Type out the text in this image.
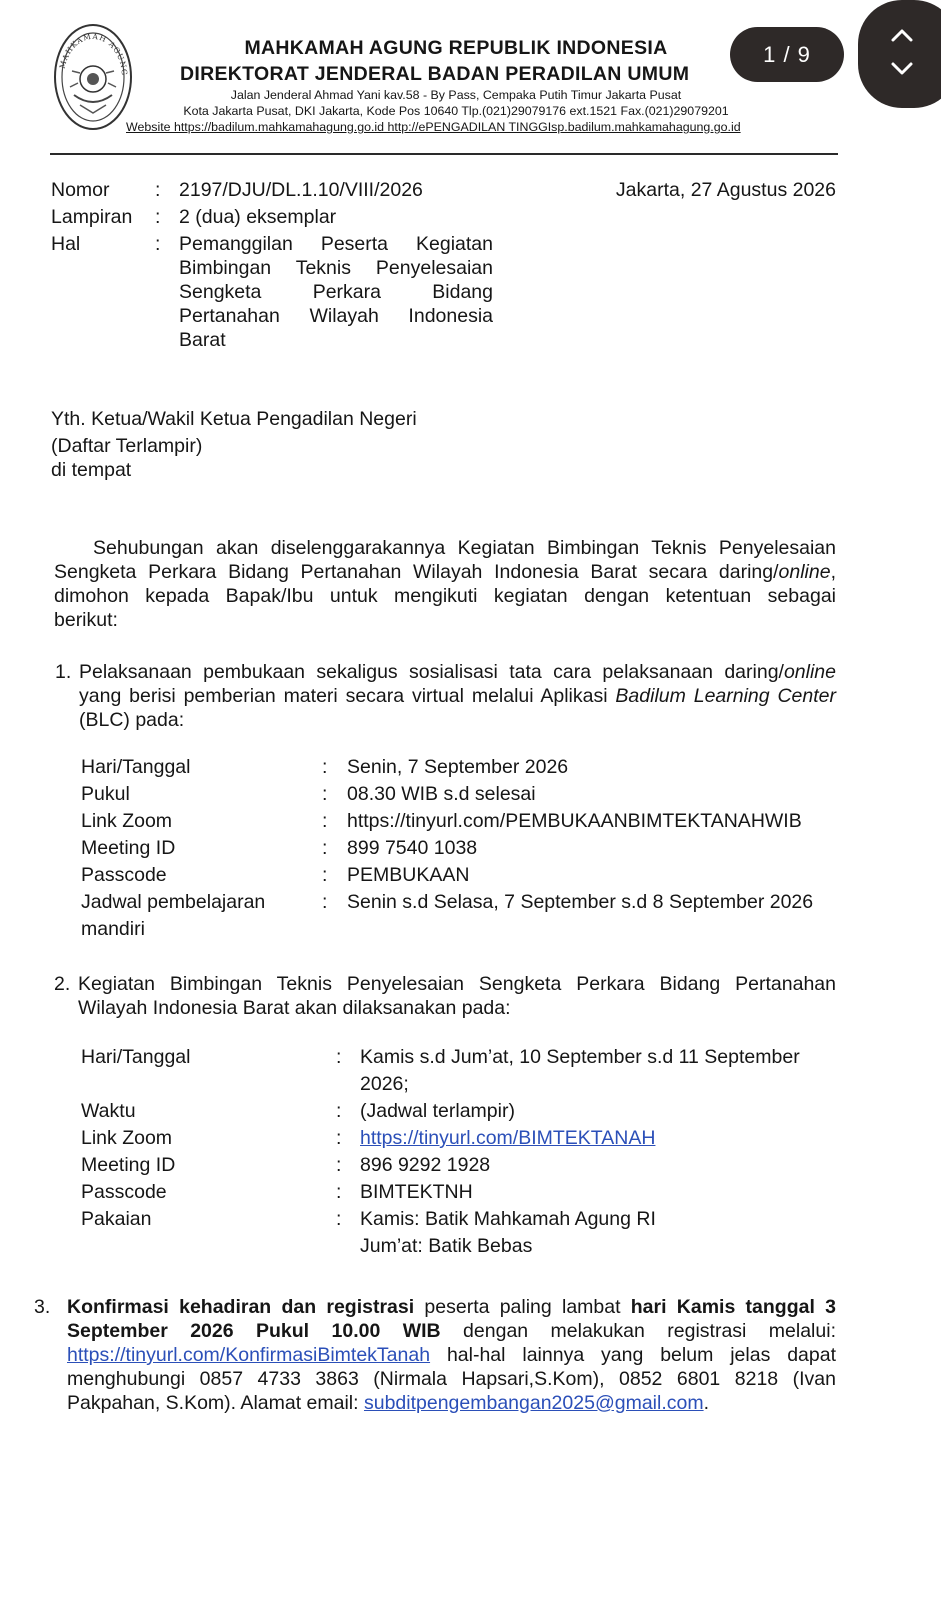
1 / 9
MAHKAMAH AGUNG
MAHKAMAH AGUNG REPUBLIK INDONESIA
DIREKTORAT JENDERAL BADAN PERADILAN UMUM
Jalan Jenderal Ahmad Yani kav.58 - By Pass, Cempaka Putih Timur Jakarta Pusat
Kota Jakarta Pusat, DKI Jakarta, Kode Pos 10640 Tlp.(021)29079176 ext.1521 Fax.(021)29079201
Website https://badilum.mahkamahagung.go.id http://ePENGADILAN TINGGIsp.badilum.mahkamahagung.go.id
Nomor : 2197/DJU/DL.1.10/VIII/2026	Jakarta, 27 Agustus 2026
Lampiran : 2 (dua) eksemplar
Hal	: Pemanggilan Peserta Kegiatan
Bimbingan Teknis Penyelesaian
Sengketa Perkara Bidang
Pertanahan Wilayah Indonesia
Barat
Yth. Ketua/Wakil Ketua Pengadilan Negeri
(Daftar Terlampir)
di tempat
Sehubungan akan diselenggarakannya Kegiatan Bimbingan Teknis Penyelesaian
Sengketa Perkara Bidang Pertanahan Wilayah Indonesia Barat secara daring/online,
dimohon kepada Bapak/Ibu untuk mengikuti kegiatan dengan ketentuan sebagai
berikut:
1. Pelaksanaan pembukaan sekaligus sosialisasi tata cara pelaksanaan daring/online
yang berisi pemberian materi secara virtual melalui Aplikasi Badilum Learning Center
(BLC) pada:
Hari/Tanggal	: Senin, 7 September 2026
Pukul	: 08.30 WIB s.d selesai
Link Zoom	: https://tinyurl.com/PEMBUKAANBIMTEKTANAHWIB
Meeting ID	: 899 7540 1038
Passcode	: PEMBUKAAN
Jadwal pembelajaran	: Senin s.d Selasa, 7 September s.d 8 September 2026
mandiri
2. Kegiatan Bimbingan Teknis Penyelesaian Sengketa Perkara Bidang Pertanahan
Wilayah Indonesia Barat akan dilaksanakan pada:
Hari/Tanggal	: Kamis s.d Jum’at, 10 September s.d 11 September
2026;
Waktu	: (Jadwal terlampir)
Link Zoom	: https://tinyurl.com/BIMTEKTANAH
Meeting ID	: 896 9292 1928
Passcode	: BIMTEKTNH
Pakaian	: Kamis: Batik Mahkamah Agung RI
Jum’at: Batik Bebas
3. Konfirmasi kehadiran dan registrasi peserta paling lambat hari Kamis tanggal 3
September 2026 Pukul 10.00 WIB dengan melakukan registrasi melalui:
https://tinyurl.com/KonfirmasiBimtekTanah hal-hal lainnya yang belum jelas dapat
menghubungi 0857 4733 3863 (Nirmala Hapsari,S.Kom), 0852 6801 8218 (Ivan
Pakpahan, S.Kom). Alamat email: subditpengembangan2025@gmail.com.
